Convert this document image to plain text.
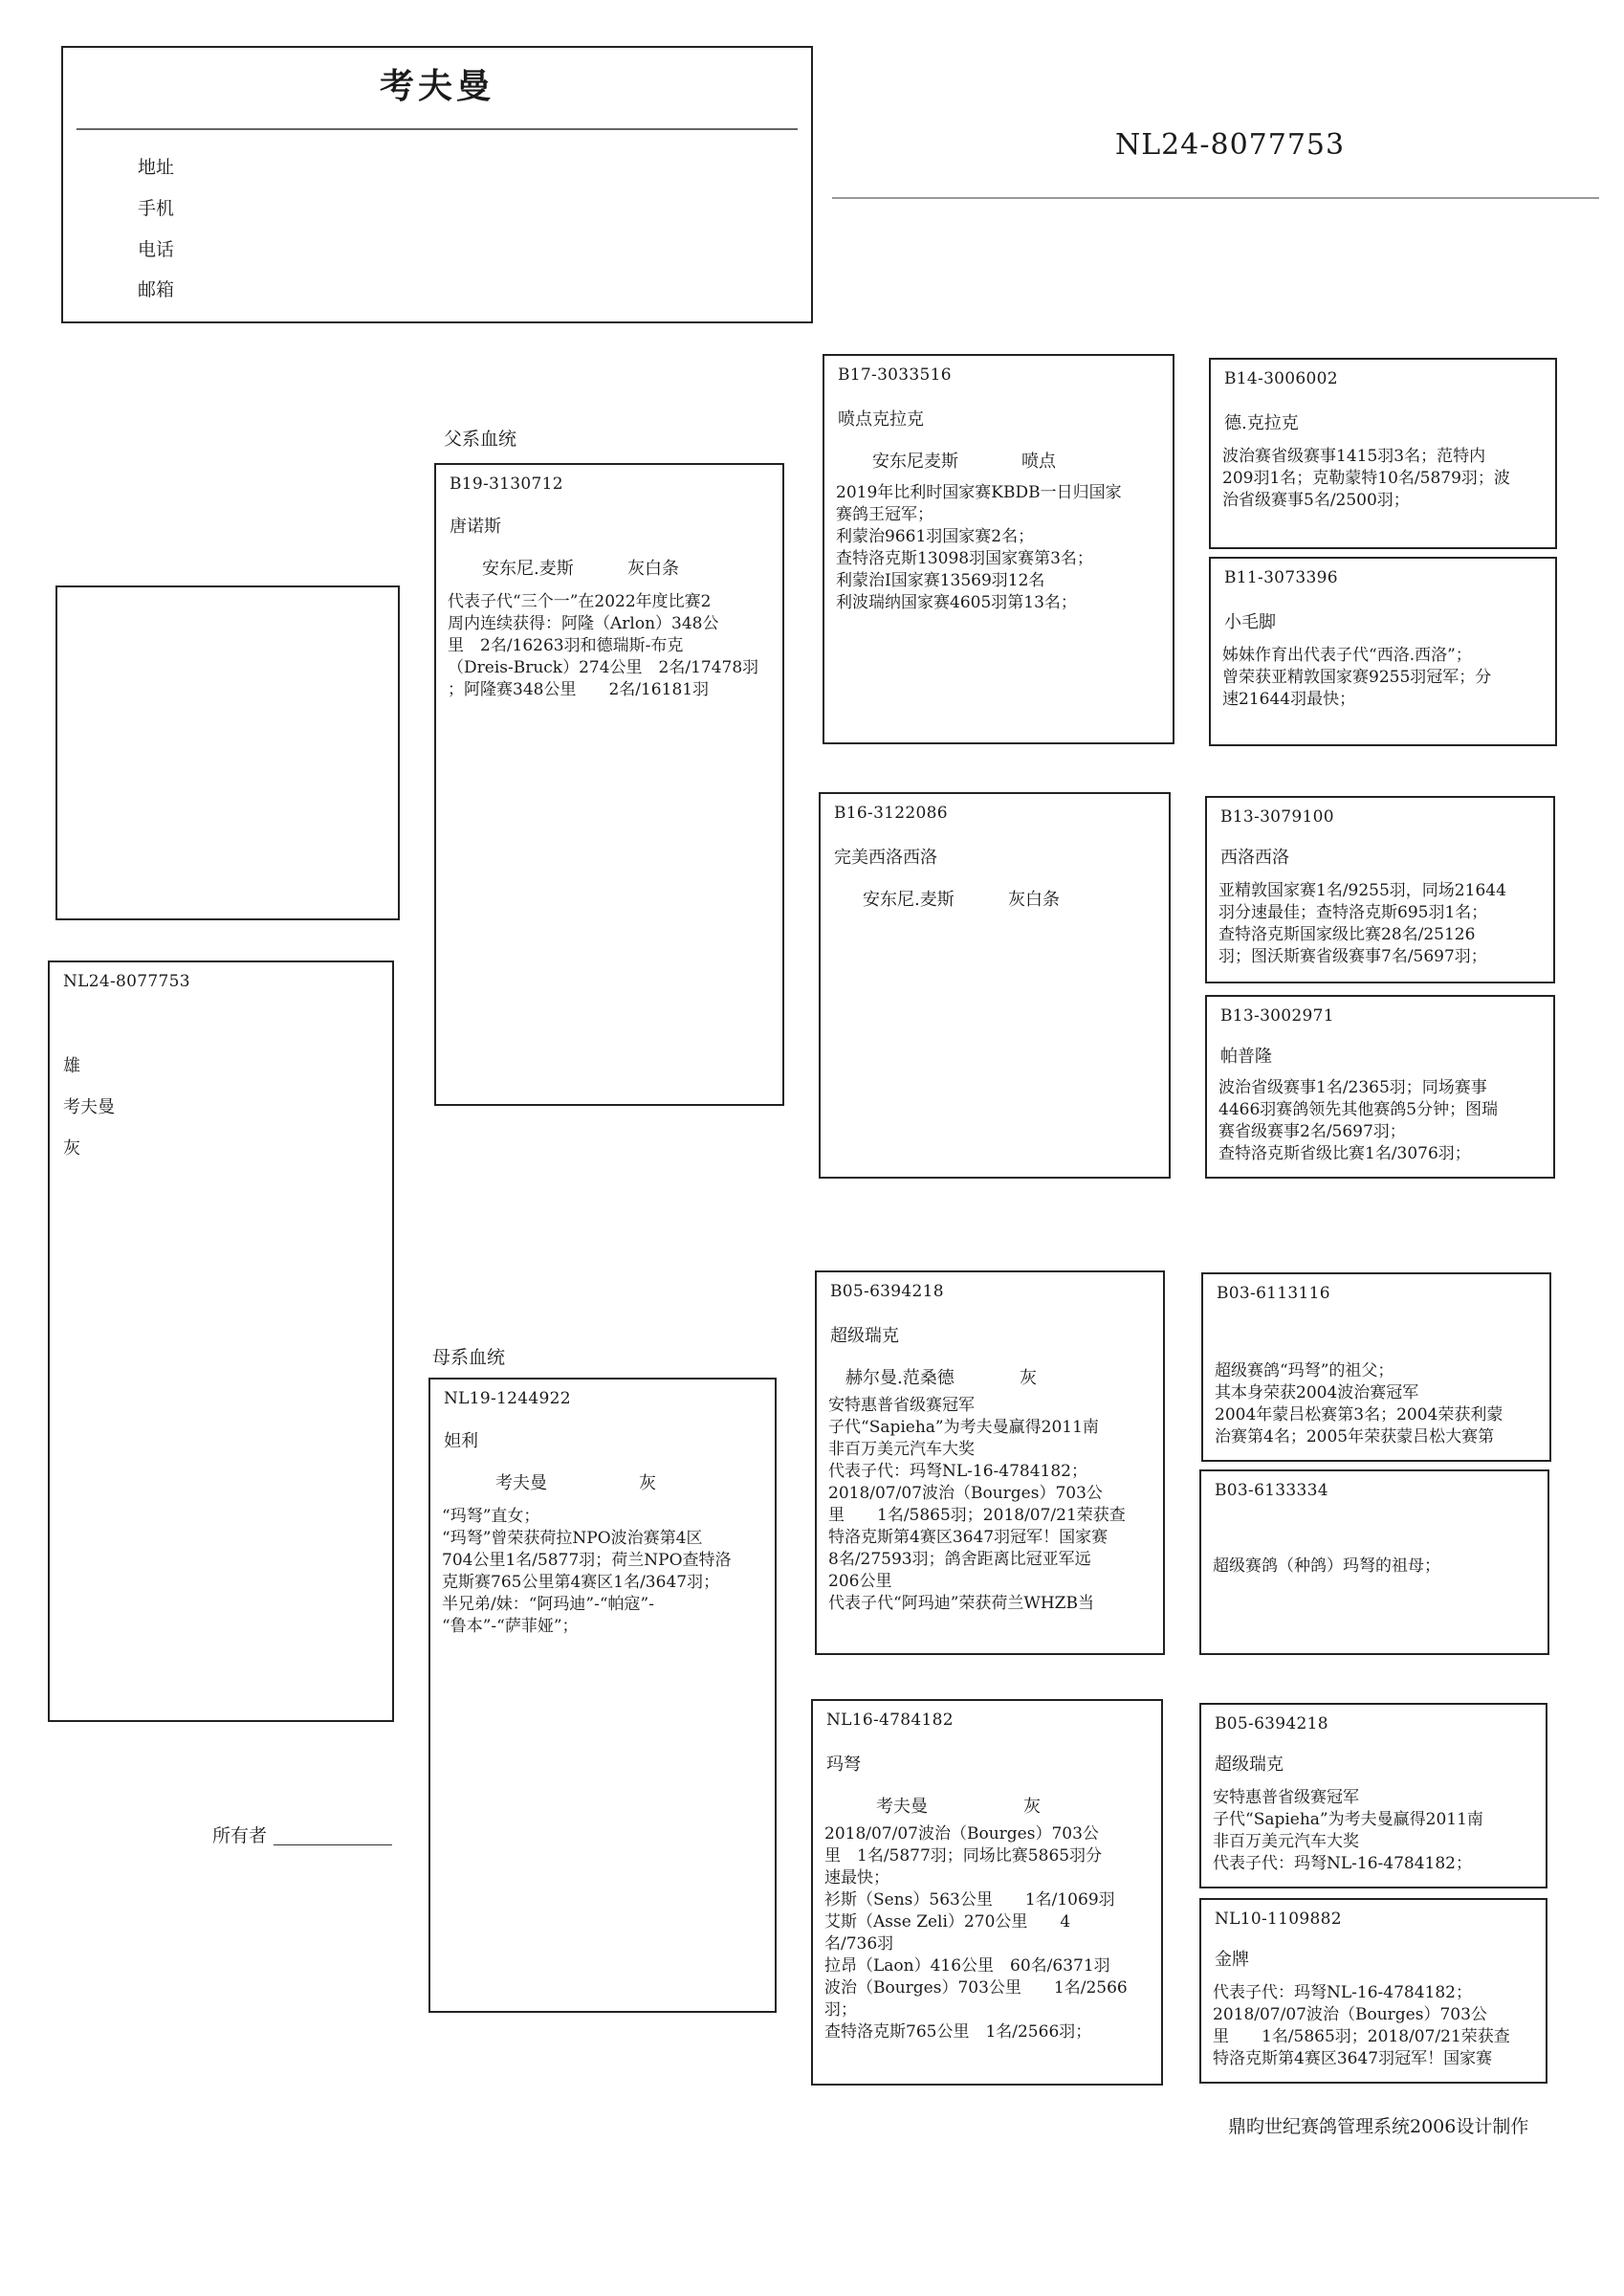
考夫曼
地址
手机
电话
邮箱
NL24-8077753
NL24-8077753
雄
考夫曼
灰
所有者
父系血统
B19-3130712
唐诺斯
安东尼.麦斯	灰白条
代表子代“三个一”在2022年度比赛2
周内连续获得：阿隆（Arlon）348公
里　2名/16263羽和德瑞斯-布克
（Dreis-Bruck）274公里　2名/17478羽
；阿隆赛348公里　　2名/16181羽
母系血统
NL19-1244922
妲利
考夫曼	灰
“玛弩”直女；
“玛弩”曾荣获荷拉NPO波治赛第4区
704公里1名/5877羽；荷兰NPO查特洛
克斯赛765公里第4赛区1名/3647羽；
半兄弟/妹：“阿玛迪”-“帕寇”-
“鲁本”-“萨菲娅”；
B17-3033516
喷点克拉克
安东尼麦斯	喷点
2019年比利时国家赛KBDB一日归国家
赛鸽王冠军；
利蒙治9661羽国家赛2名；
查特洛克斯13098羽国家赛第3名；
利蒙治I国家赛13569羽12名
利波瑞纳国家赛4605羽第13名；
B16-3122086
完美西洛西洛
安东尼.麦斯	灰白条
B05-6394218
超级瑞克
赫尔曼.范桑德	灰
安特惠普省级赛冠军
子代“Sapieha”为考夫曼赢得2011南
非百万美元汽车大奖
代表子代：玛弩NL-16-4784182；
2018/07/07波治（Bourges）703公
里　　1名/5865羽；2018/07/21荣获查
特洛克斯第4赛区3647羽冠军！国家赛
8名/27593羽；鸽舍距离比冠亚军远
206公里
代表子代“阿玛迪”荣获荷兰WHZB当
NL16-4784182
玛弩
考夫曼	灰
2018/07/07波治（Bourges）703公
里　1名/5877羽；同场比赛5865羽分
速最快；
衫斯（Sens）563公里　　1名/1069羽
艾斯（Asse Zeli）270公里　　4
名/736羽
拉昂（Laon）416公里　60名/6371羽
波治（Bourges）703公里　　1名/2566
羽；
查特洛克斯765公里　1名/2566羽；
B14-3006002
德.克拉克
波治赛省级赛事1415羽3名；范特内
209羽1名；克勒蒙特10名/5879羽；波
治省级赛事5名/2500羽；
B11-3073396
小毛脚
姊妹作育出代表子代“西洛.西洛”；
曾荣获亚精敦国家赛9255羽冠军；分
速21644羽最快；
B13-3079100
西洛西洛
亚精敦国家赛1名/9255羽，同场21644
羽分速最佳；查特洛克斯695羽1名；
查特洛克斯国家级比赛28名/25126
羽；图沃斯赛省级赛事7名/5697羽；
B13-3002971
帕普隆
波治省级赛事1名/2365羽；同场赛事
4466羽赛鸽领先其他赛鸽5分钟；图瑞
赛省级赛事2名/5697羽；
查特洛克斯省级比赛1名/3076羽；
B03-6113116
超级赛鸽“玛弩”的祖父；
其本身荣获2004波治赛冠军
2004年蒙吕松赛第3名；2004荣获利蒙
治赛第4名；2005年荣获蒙吕松大赛第
B03-6133334
超级赛鸽（种鸽）玛弩的祖母；
B05-6394218
超级瑞克
安特惠普省级赛冠军
子代“Sapieha”为考夫曼赢得2011南
非百万美元汽车大奖
代表子代：玛弩NL-16-4784182；
NL10-1109882
金牌
代表子代：玛弩NL-16-4784182；
2018/07/07波治（Bourges）703公
里　　1名/5865羽；2018/07/21荣获查
特洛克斯第4赛区3647羽冠军！国家赛
鼎昀世纪赛鸽管理系统2006设计制作
